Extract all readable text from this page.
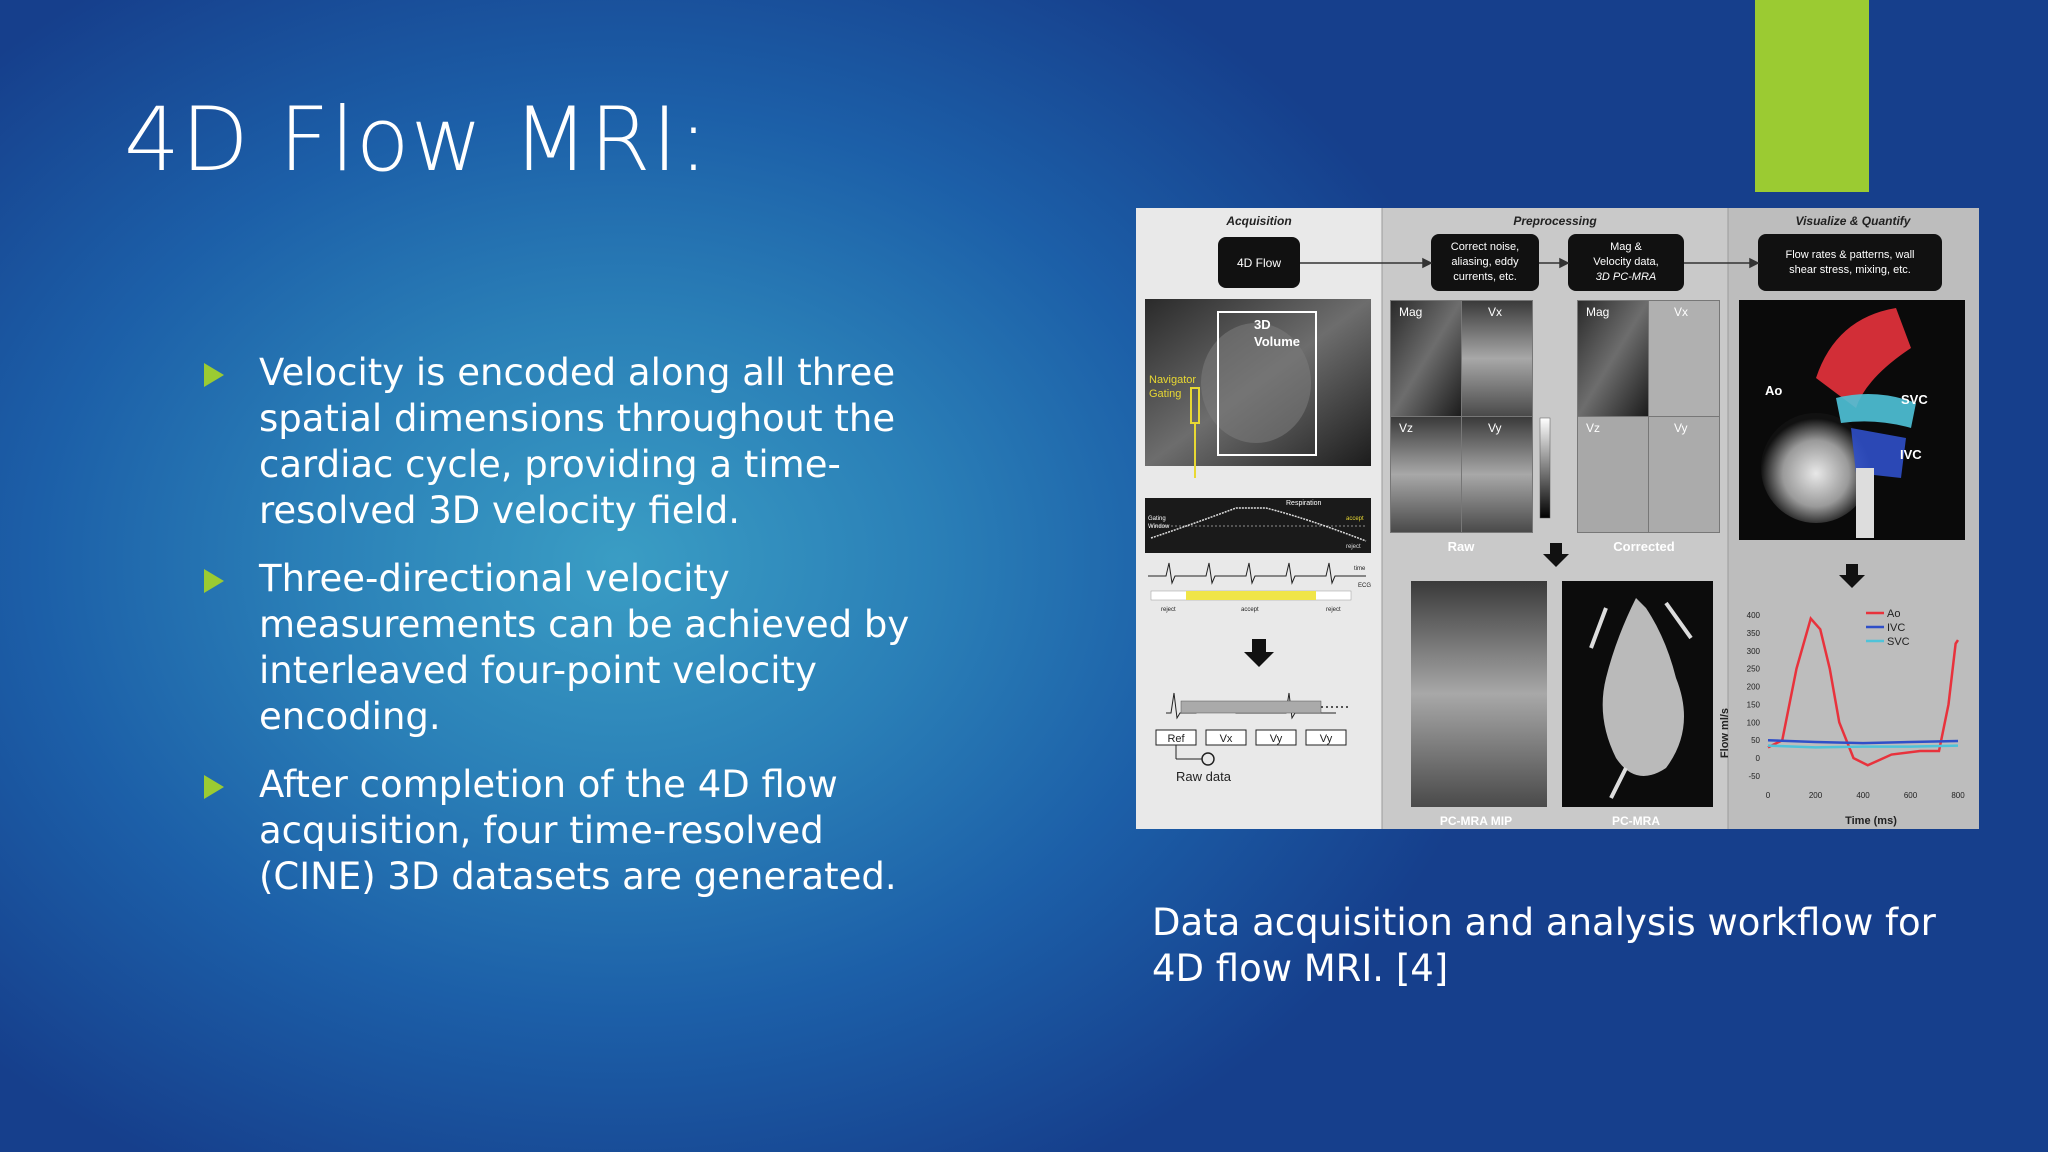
4D Flow MRI:
Velocity is encoded along all three spatial dimensions throughout the cardiac cycle, providing a time-resolved 3D velocity field.
Three-directional velocity measurements can be achieved by interleaved four-point velocity encoding.
After completion of the 4D flow acquisition, four time-resolved (CINE) 3D datasets are generated.
Acquisition	Preprocessing	Visualize & Quantify
4D Flow
Correct noise,
aliasing, eddy
currents, etc.
Mag &
Velocity data,
3D PC-MRA
Flow rates & patterns, wall
shear stress, mixing, etc.
3D
Volume
Navigator
Gating
Respiration
Gating
Window
accept
reject
time
ECG
reject	accept	reject
Ref	Vx	Vy	Vy
Raw data
Mag	Vx
Vz	Vy
Mag	Vx
Vz	Vy
Raw	Corrected
PC-MRA MIP	PC-MRA
Ao
SVC
IVC
Flow ml/s
Time (ms)
-50
0
50
100
150
200
250
300
350
400
0	200	400	600	800
Ao
IVC
SVC

Data acquisition and analysis workflow for 4D flow MRI. [4]
